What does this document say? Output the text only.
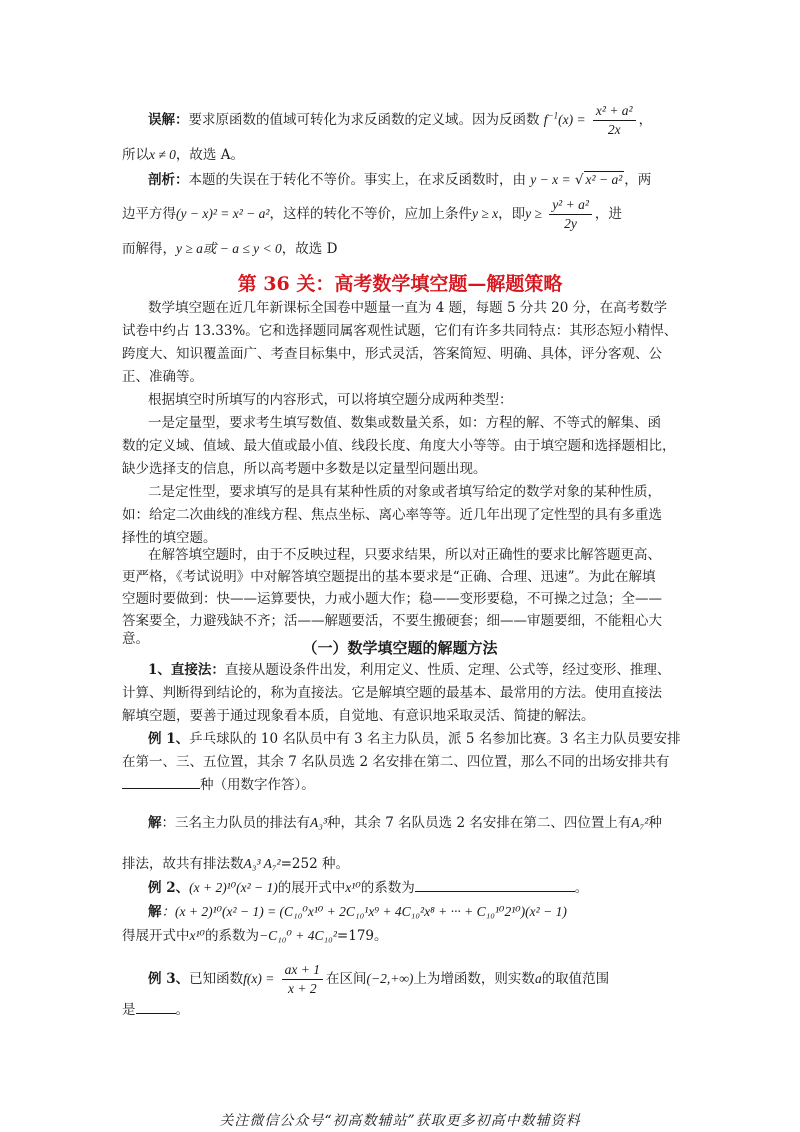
误解：要求原函数的值域可转化为求反函数的定义域。因为反函数 $f^{-1}(x) = \frac{\text{x² + a²}}{2x}$ ，
所以x ≠ 0，故选 A。
剖析：本题的失误在于转化不等价。事实上，在求反函数时，由 y − x = √ x² − a² ，两
边平方得(y − x)² = x² − a²，这样的转化不等价，应加上条件y ≥ x，即$y \ge \frac{\text{y² + a²}}{2y}$ ，进
而解得，y ≥ a或 − a ≤ y < 0，故选 D
第 36 关：高考数学填空题—解题策略
数学填空题在近几年新课标全国卷中题量一直为 4 题，每题 5 分共 20 分，在高考数学
试卷中约占 13.33%。它和选择题同属客观性试题，它们有许多共同特点：其形态短小精悍、
跨度大、知识覆盖面广、考查目标集中，形式灵活，答案简短、明确、具体，评分客观、公
正、准确等。
根据填空时所填写的内容形式，可以将填空题分成两种类型：
一是定量型，要求考生填写数值、数集或数量关系，如：方程的解、不等式的解集、函
数的定义域、值域、最大值或最小值、线段长度、角度大小等等。由于填空题和选择题相比，
缺少选择支的信息，所以高考题中多数是以定量型问题出现。
二是定性型，要求填写的是具有某种性质的对象或者填写给定的数学对象的某种性质，
如：给定二次曲线的准线方程、焦点坐标、离心率等等。近几年出现了定性型的具有多重选
择性的填空题。
在解答填空题时，由于不反映过程，只要求结果，所以对正确性的要求比解答题更高、
更严格，《考试说明》中对解答填空题提出的基本要求是“正确、合理、迅速”。为此在解填
空题时要做到：快——运算要快，力戒小题大作；稳——变形要稳，不可操之过急；全——
答案要全，力避残缺不齐；活——解题要活，不要生搬硬套；细——审题要细，不能粗心大
（一）数学填空题的解题方法
1、直接法：直接从题设条件出发，利用定义、性质、定理、公式等，经过变形、推理、
计算、判断得到结论的，称为直接法。它是解填空题的最基本、最常用的方法。使用直接法
解填空题，要善于通过现象看本质，自觉地、有意识地采取灵活、简捷的解法。
例 1、乒乓球队的 10 名队员中有 3 名主力队员，派 5 名参加比赛。3 名主力队员要安排
在第一、三、五位置，其余 7 名队员选 2 名安排在第二、四位置，那么不同的出场安排共有
种（用数字作答）。
解：三名主力队员的排法有A₃³种，其余 7 名队员选 2 名安排在第二、四位置上有A₇²种
排法，故共有排法数A₃³ A₇²=252 种。
例 2、(x + 2)¹⁰(x² − 1)的展开式中x¹⁰的系数为	。
解：(x + 2)¹⁰(x² − 1) = (C₁₀⁰x¹⁰ + 2C₁₀¹x⁹ + 4C₁₀²x⁸ + ··· + C₁₀¹⁰2¹⁰)(x² − 1)
得展开式中x¹⁰的系数为−C₁₀⁰ + 4C₁₀²=179。
例 3、已知函数$f(x) = \frac{ax + 1}{x + 2}$ 在区间(−2,+∞)上为增函数，则实数a的取值范围
是	。
关注微信公众号“初高数辅站”获取更多初高中数辅资料
意。
